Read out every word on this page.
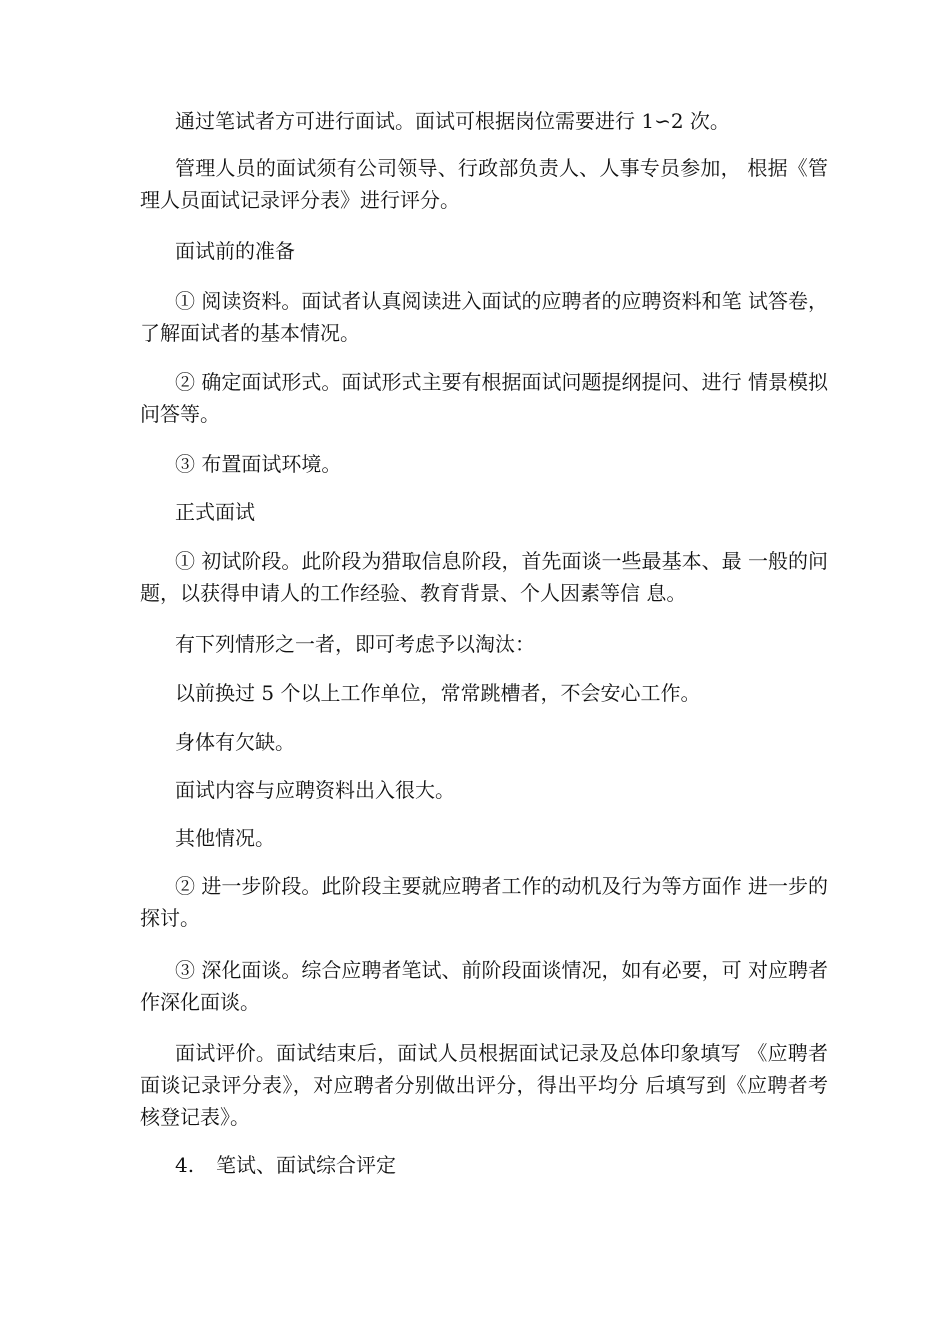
通过笔试者方可进行面试。面试可根据岗位需要进行 1∽2 次。

管理人员的面试须有公司领导、行政部负责人、人事专员参加， 根据《管理人员面试记录评分表》进行评分。

面试前的准备

① 阅读资料。面试者认真阅读进入面试的应聘者的应聘资料和笔 试答卷，了解面试者的基本情况。

② 确定面试形式。面试形式主要有根据面试问题提纲提问、进行 情景模拟问答等。

③ 布置面试环境。

正式面试

① 初试阶段。此阶段为猎取信息阶段，首先面谈一些最基本、最 一般的问题，以获得申请人的工作经验、教育背景、个人因素等信 息。

有下列情形之一者，即可考虑予以淘汰：

以前换过 5 个以上工作单位，常常跳槽者，不会安心工作。

身体有欠缺。

面试内容与应聘资料出入很大。

其他情况。

② 进一步阶段。此阶段主要就应聘者工作的动机及行为等方面作 进一步的探讨。

③ 深化面谈。综合应聘者笔试、前阶段面谈情况，如有必要，可 对应聘者作深化面谈。

面试评价。面试结束后，面试人员根据面试记录及总体印象填写 《应聘者面谈记录评分表》，对应聘者分别做出评分，得出平均分 后填写到《应聘者考核登记表》。

4. 笔试、面试综合评定
